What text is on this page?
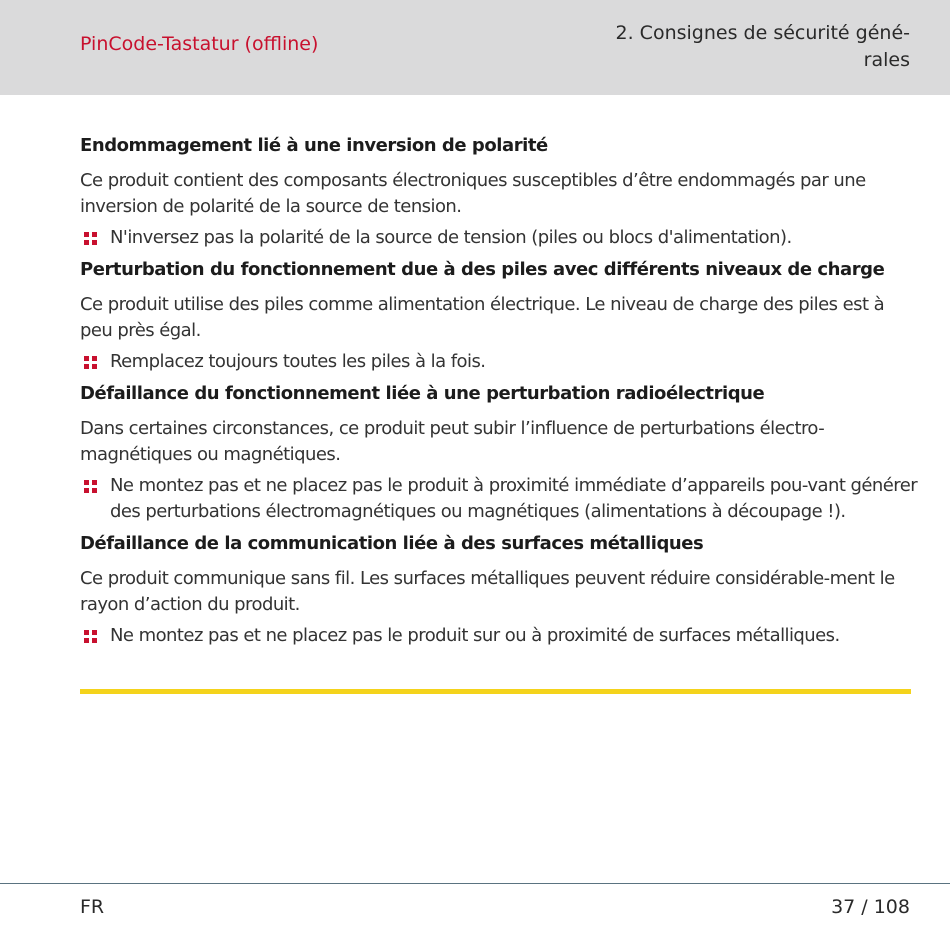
PinCode-Tastatur (offline)	2. Consignes de sécurité géné-rales
Endommagement lié à une inversion de polarité
Ce produit contient des composants électroniques susceptibles d’être endommagés par une inversion de polarité de la source de tension.
N'inversez pas la polarité de la source de tension (piles ou blocs d'alimentation).
Perturbation du fonctionnement due à des piles avec différents niveaux de charge
Ce produit utilise des piles comme alimentation électrique. Le niveau de charge des piles est à peu près égal.
Remplacez toujours toutes les piles à la fois.
Défaillance du fonctionnement liée à une perturbation radioélectrique
Dans certaines circonstances, ce produit peut subir l’influence de perturbations électro-magnétiques ou magnétiques.
Ne montez pas et ne placez pas le produit à proximité immédiate d’appareils pou-vant générer des perturbations électromagnétiques ou magnétiques (alimentations à découpage !).
Défaillance de la communication liée à des surfaces métalliques
Ce produit communique sans fil. Les surfaces métalliques peuvent réduire considérable-ment le rayon d’action du produit.
Ne montez pas et ne placez pas le produit sur ou à proximité de surfaces métalliques.
FR	37 / 108
